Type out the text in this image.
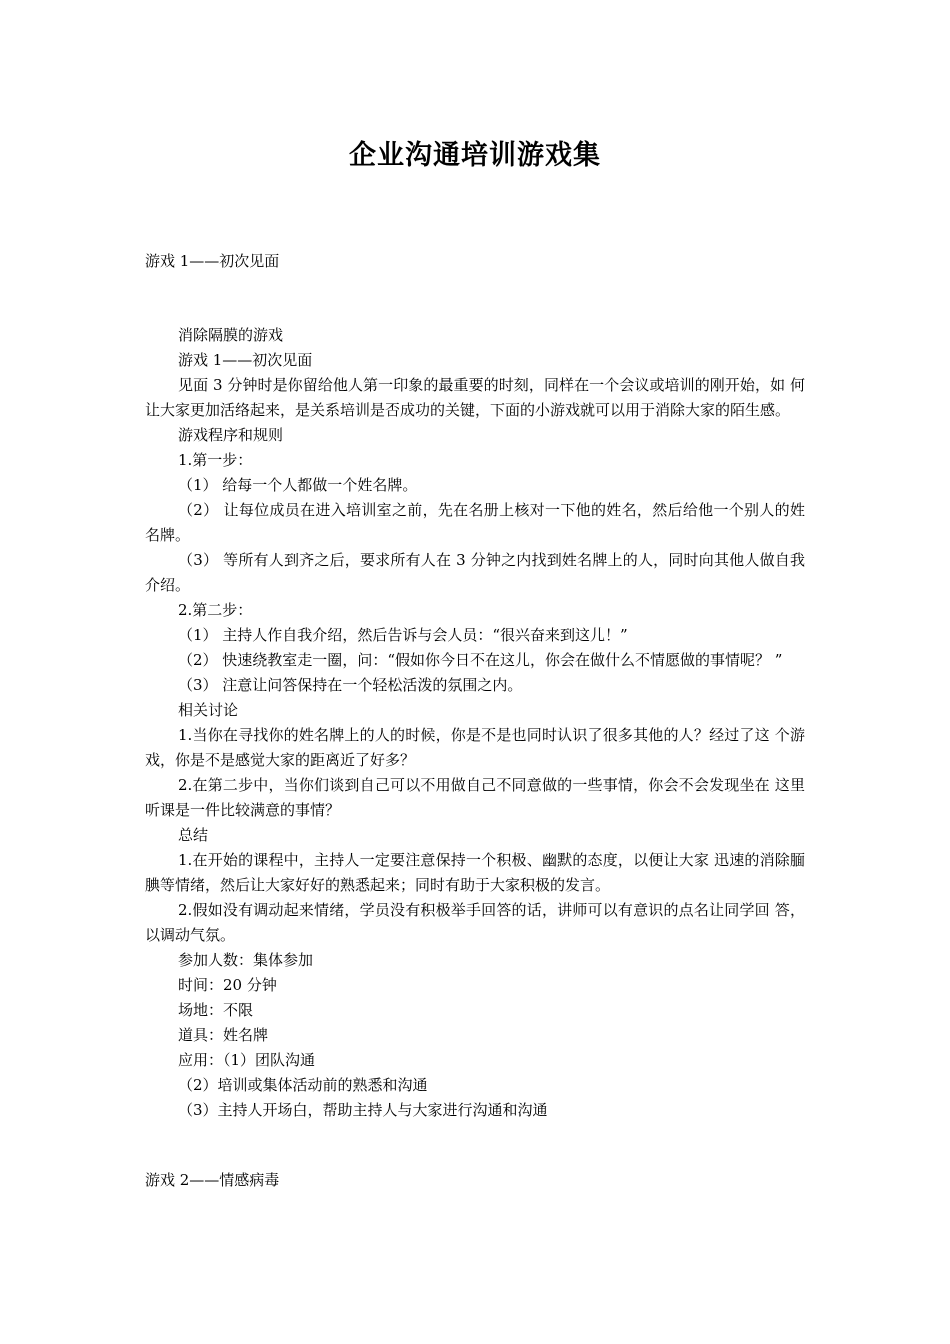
企业沟通培训游戏集
游戏 1——初次见面

消除隔膜的游戏

游戏 1——初次见面

见面 3 分钟时是你留给他人第一印象的最重要的时刻，同样在一个会议或培训的刚开始，如 何 让大家更加活络起来，是关系培训是否成功的关键，下面的小游戏就可以用于消除大家的陌生感。

游戏程序和规则

1.第一步：

（1） 给每一个人都做一个姓名牌。

（2） 让每位成员在进入培训室之前，先在名册上核对一下他的姓名，然后给他一个别人的姓名牌。

（3） 等所有人到齐之后，要求所有人在 3 分钟之内找到姓名牌上的人，同时向其他人做自我介绍。

2.第二步：

（1） 主持人作自我介绍，然后告诉与会人员：“很兴奋来到这儿！”

（2） 快速绕教室走一圈，问：“假如你今日不在这儿，你会在做什么不情愿做的事情呢？ ”

（3） 注意让问答保持在一个轻松活泼的氛围之内。

相关讨论

1.当你在寻找你的姓名牌上的人的时候，你是不是也同时认识了很多其他的人？经过了这 个游戏，你是不是感觉大家的距离近了好多？

2.在第二步中，当你们谈到自己可以不用做自己不同意做的一些事情，你会不会发现坐在 这里听课是一件比较满意的事情？

总结

1.在开始的课程中，主持人一定要注意保持一个积极、幽默的态度，以便让大家 迅速的消除腼腆等情绪，然后让大家好好的熟悉起来；同时有助于大家积极的发言。

2.假如没有调动起来情绪，学员没有积极举手回答的话，讲师可以有意识的点名让同学回 答，以调动气氛。

参加人数：集体参加

时间：20 分钟

场地：不限

道具：姓名牌

应用：（1）团队沟通

（2）培训或集体活动前的熟悉和沟通

（3）主持人开场白，帮助主持人与大家进行沟通和沟通

游戏 2——情感病毒
